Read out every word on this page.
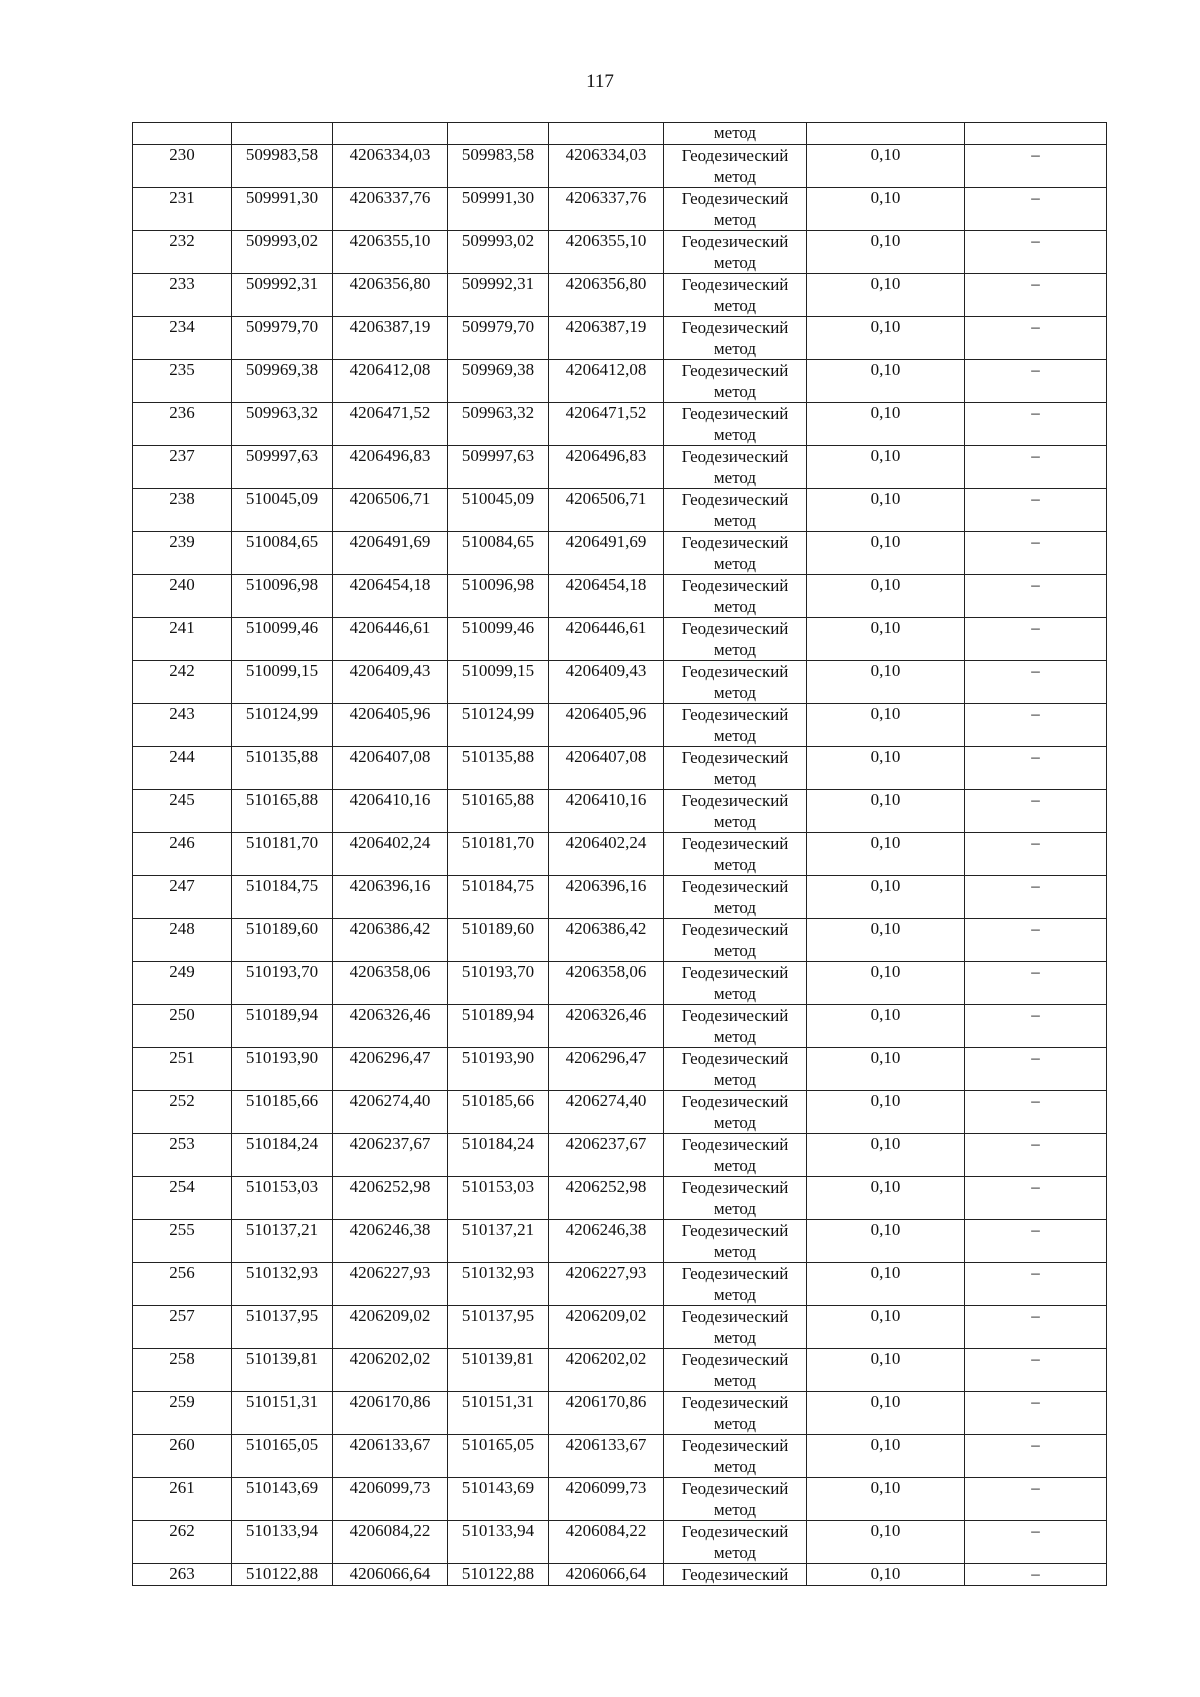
117
					метод		
230	509983,58	4206334,03	509983,58	4206334,03	Геодезический
метод	0,10	–
231	509991,30	4206337,76	509991,30	4206337,76	Геодезический
метод	0,10	–
232	509993,02	4206355,10	509993,02	4206355,10	Геодезический
метод	0,10	–
233	509992,31	4206356,80	509992,31	4206356,80	Геодезический
метод	0,10	–
234	509979,70	4206387,19	509979,70	4206387,19	Геодезический
метод	0,10	–
235	509969,38	4206412,08	509969,38	4206412,08	Геодезический
метод	0,10	–
236	509963,32	4206471,52	509963,32	4206471,52	Геодезический
метод	0,10	–
237	509997,63	4206496,83	509997,63	4206496,83	Геодезический
метод	0,10	–
238	510045,09	4206506,71	510045,09	4206506,71	Геодезический
метод	0,10	–
239	510084,65	4206491,69	510084,65	4206491,69	Геодезический
метод	0,10	–
240	510096,98	4206454,18	510096,98	4206454,18	Геодезический
метод	0,10	–
241	510099,46	4206446,61	510099,46	4206446,61	Геодезический
метод	0,10	–
242	510099,15	4206409,43	510099,15	4206409,43	Геодезический
метод	0,10	–
243	510124,99	4206405,96	510124,99	4206405,96	Геодезический
метод	0,10	–
244	510135,88	4206407,08	510135,88	4206407,08	Геодезический
метод	0,10	–
245	510165,88	4206410,16	510165,88	4206410,16	Геодезический
метод	0,10	–
246	510181,70	4206402,24	510181,70	4206402,24	Геодезический
метод	0,10	–
247	510184,75	4206396,16	510184,75	4206396,16	Геодезический
метод	0,10	–
248	510189,60	4206386,42	510189,60	4206386,42	Геодезический
метод	0,10	–
249	510193,70	4206358,06	510193,70	4206358,06	Геодезический
метод	0,10	–
250	510189,94	4206326,46	510189,94	4206326,46	Геодезический
метод	0,10	–
251	510193,90	4206296,47	510193,90	4206296,47	Геодезический
метод	0,10	–
252	510185,66	4206274,40	510185,66	4206274,40	Геодезический
метод	0,10	–
253	510184,24	4206237,67	510184,24	4206237,67	Геодезический
метод	0,10	–
254	510153,03	4206252,98	510153,03	4206252,98	Геодезический
метод	0,10	–
255	510137,21	4206246,38	510137,21	4206246,38	Геодезический
метод	0,10	–
256	510132,93	4206227,93	510132,93	4206227,93	Геодезический
метод	0,10	–
257	510137,95	4206209,02	510137,95	4206209,02	Геодезический
метод	0,10	–
258	510139,81	4206202,02	510139,81	4206202,02	Геодезический
метод	0,10	–
259	510151,31	4206170,86	510151,31	4206170,86	Геодезический
метод	0,10	–
260	510165,05	4206133,67	510165,05	4206133,67	Геодезический
метод	0,10	–
261	510143,69	4206099,73	510143,69	4206099,73	Геодезический
метод	0,10	–
262	510133,94	4206084,22	510133,94	4206084,22	Геодезический
метод	0,10	–
263	510122,88	4206066,64	510122,88	4206066,64	Геодезический	0,10	–
